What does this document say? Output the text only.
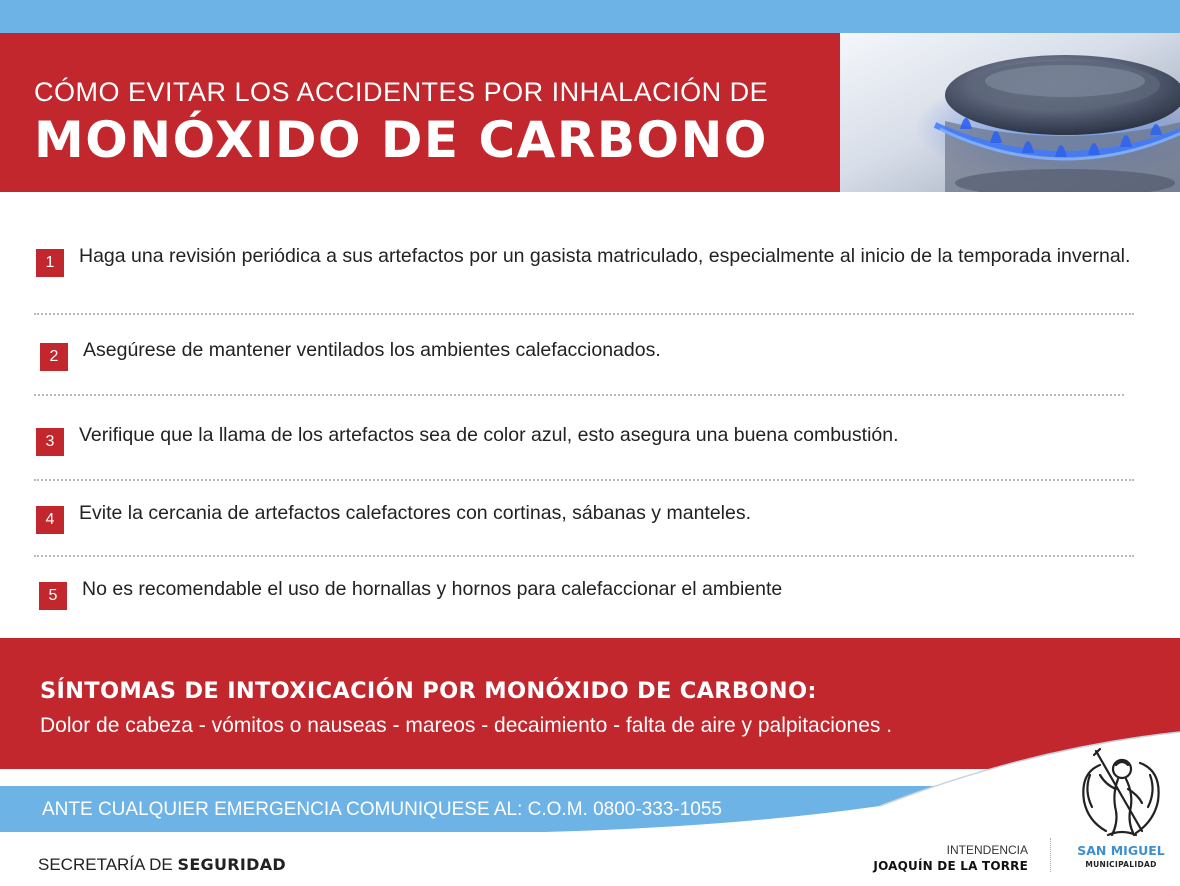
CÓMO EVITAR LOS ACCIDENTES POR INHALACIÓN DE
MONÓXIDO DE CARBONO
1	Haga una revisión periódica a sus artefactos por un gasista matriculado, especialmente al inicio de la temporada invernal.
2	Asegúrese de mantener ventilados los ambientes calefaccionados.
3	Verifique que la llama de los artefactos sea de color azul, esto asegura una buena combustión.
4	Evite la cercania de artefactos calefactores con cortinas, sábanas y manteles.
5	No es recomendable el uso de hornallas y hornos para calefaccionar el ambiente
SÍNTOMAS DE INTOXICACIÓN POR MONÓXIDO DE CARBONO:
Dolor de cabeza - vómitos o nauseas - mareos - decaimiento - falta de aire y palpitaciones .
ANTE CUALQUIER EMERGENCIA COMUNIQUESE AL: C.O.M. 0800-333-1055
SECRETARÍA DE SEGURIDAD
INTENDENCIA
JOAQUÍN DE LA TORRE
SAN MIGUEL
MUNICIPALIDAD
